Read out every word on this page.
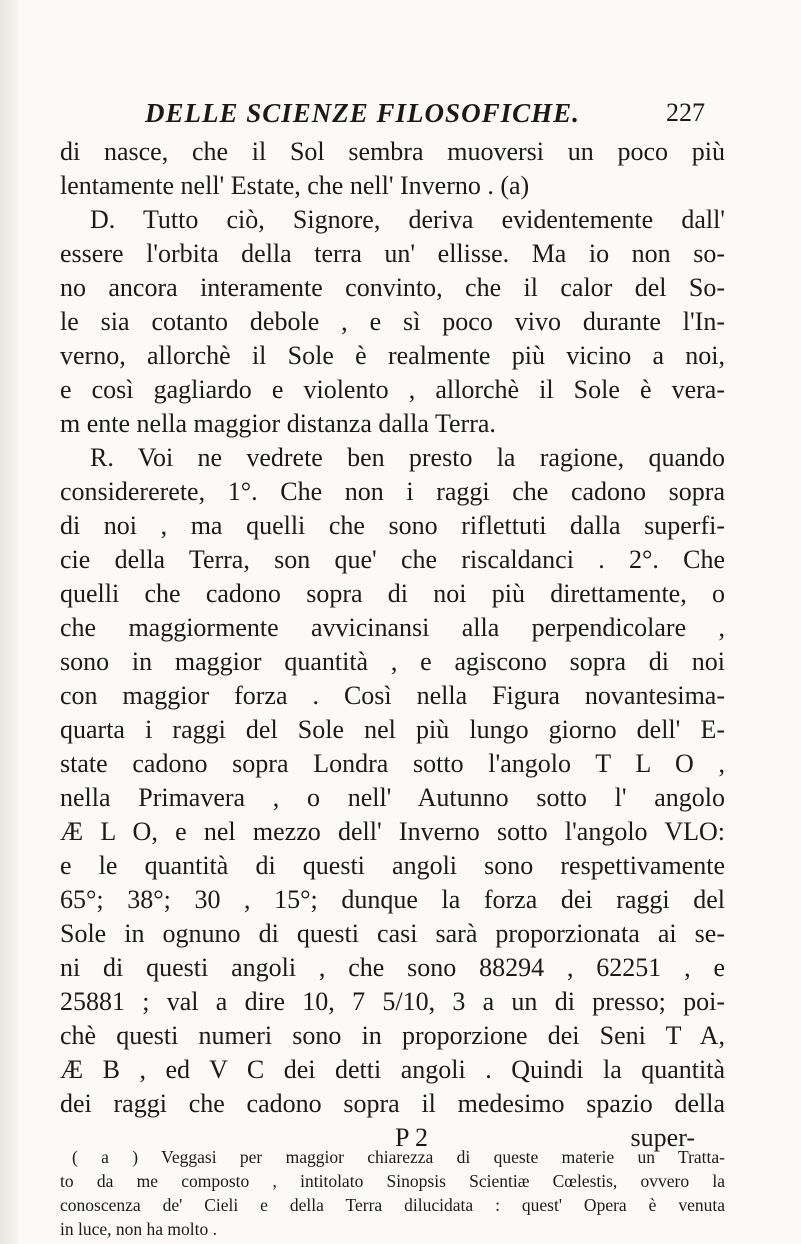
DELLE SCIENZE FILOSOFICHE.	227
di nasce, che il Sol sembra muoversi un poco più
lentamente nell' Estate, che nell' Inverno . (a)
D. Tutto ciò, Signore, deriva evidentemente dall'
essere l'orbita della terra un' ellisse. Ma io non so-
no ancora interamente convinto, che il calor del So-
le sia cotanto debole , e sì poco vivo durante l'In-
verno, allorchè il Sole è realmente più vicino a noi,
e così gagliardo e violento , allorchè il Sole è vera-
m ente nella maggior distanza dalla Terra.
R. Voi ne vedrete ben presto la ragione, quando
considererete, 1°. Che non i raggi che cadono sopra
di noi , ma quelli che sono riflettuti dalla superfi-
cie della Terra, son que' che riscaldanci . 2°. Che
quelli che cadono sopra di noi più direttamente, o
che maggiormente avvicinansi alla perpendicolare ,
sono in maggior quantità , e agiscono sopra di noi
con maggior forza . Così nella Figura novantesima-
quarta i raggi del Sole nel più lungo giorno dell' E-
state cadono sopra Londra sotto l'angolo T L O ,
nella Primavera , o nell' Autunno sotto l' angolo
Æ L O, e nel mezzo dell' Inverno sotto l'angolo VLO:
e le quantità di questi angoli sono respettivamente
65°; 38°; 30 , 15°; dunque la forza dei raggi del
Sole in ognuno di questi casi sarà proporzionata ai se-
ni di questi angoli , che sono 88294 , 62251 , e
25881 ; val a dire 10, 7 5/10, 3 a un di presso; poi-
chè questi numeri sono in proporzione dei Seni T A,
Æ B , ed V C dei detti angoli . Quindi la quantità
dei raggi che cadono sopra il medesimo spazio della
P 2	super-
( a ) Veggasi per maggior chiarezza di queste materie un Tratta-
to da me composto , intitolato Sinopsis Scientiæ Cœlestis, ovvero la
conoscenza de' Cieli e della Terra dilucidata : quest' Opera è venuta
in luce, non ha molto .
